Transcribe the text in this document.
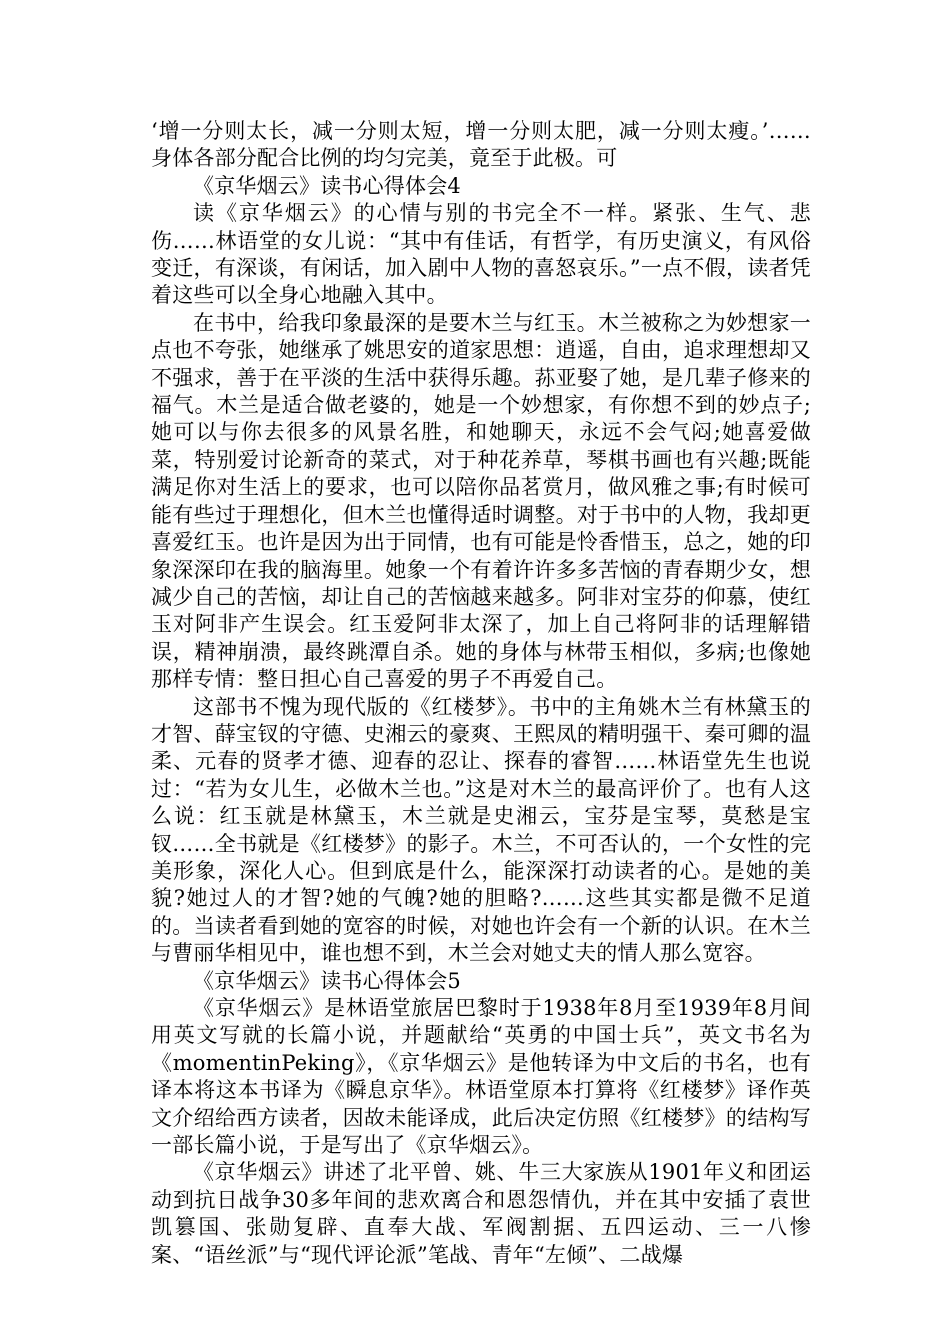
‘增一分则太长，减一分则太短，增一分则太肥，减一分则太瘦。’……身体各部分配合比例的均匀完美，竟至于此极。可

《京华烟云》读书心得体会4

读《京华烟云》的心情与别的书完全不一样。紧张、生气、悲伤……林语堂的女儿说：“其中有佳话，有哲学，有历史演义，有风俗变迁，有深谈，有闲话，加入剧中人物的喜怒哀乐。”一点不假，读者凭着这些可以全身心地融入其中。

在书中，给我印象最深的是要木兰与红玉。木兰被称之为妙想家一点也不夸张，她继承了姚思安的道家思想：逍遥，自由，追求理想却又不强求，善于在平淡的生活中获得乐趣。荪亚娶了她，是几辈子修来的福气。木兰是适合做老婆的，她是一个妙想家，有你想不到的妙点子;她可以与你去很多的风景名胜，和她聊天，永远不会气闷;她喜爱做菜，特别爱讨论新奇的菜式，对于种花养草，琴棋书画也有兴趣;既能满足你对生活上的要求，也可以陪你品茗赏月，做风雅之事;有时候可能有些过于理想化，但木兰也懂得适时调整。对于书中的人物，我却更喜爱红玉。也许是因为出于同情，也有可能是怜香惜玉，总之，她的印象深深印在我的脑海里。她象一个有着许许多多苦恼的青春期少女，想减少自己的苦恼，却让自己的苦恼越来越多。阿非对宝芬的仰慕，使红玉对阿非产生误会。红玉爱阿非太深了，加上自己将阿非的话理解错误，精神崩溃，最终跳潭自杀。她的身体与林带玉相似，多病;也像她那样专情：整日担心自己喜爱的男子不再爱自己。

这部书不愧为现代版的《红楼梦》。书中的主角姚木兰有林黛玉的才智、薛宝钗的守德、史湘云的豪爽、王熙凤的精明强干、秦可卿的温柔、元春的贤孝才德、迎春的忍让、探春的睿智……林语堂先生也说过：“若为女儿生，必做木兰也。”这是对木兰的最高评价了。也有人这么说：红玉就是林黛玉，木兰就是史湘云，宝芬是宝琴，莫愁是宝钗……全书就是《红楼梦》的影子。木兰，不可否认的，一个女性的完美形象，深化人心。但到底是什么，能深深打动读者的心。是她的美貌?她过人的才智?她的气魄?她的胆略?……这些其实都是微不足道的。当读者看到她的宽容的时候，对她也许会有一个新的认识。在木兰与曹丽华相见中，谁也想不到，木兰会对她丈夫的情人那么宽容。

《京华烟云》读书心得体会5

《京华烟云》是林语堂旅居巴黎时于1938年8月至1939年8月间用英文写就的长篇小说，并题献给“英勇的中国士兵”，英文书名为《momentinPeking》，《京华烟云》是他转译为中文后的书名，也有译本将这本书译为《瞬息京华》。林语堂原本打算将《红楼梦》译作英文介绍给西方读者，因故未能译成，此后决定仿照《红楼梦》的结构写一部长篇小说，于是写出了《京华烟云》。

《京华烟云》讲述了北平曾、姚、牛三大家族从1901年义和团运动到抗日战争30多年间的悲欢离合和恩怨情仇，并在其中安插了袁世凯篡国、张勋复辟、直奉大战、军阀割据、五四运动、三一八惨案、“语丝派”与“现代评论派”笔战、青年“左倾”、二战爆
